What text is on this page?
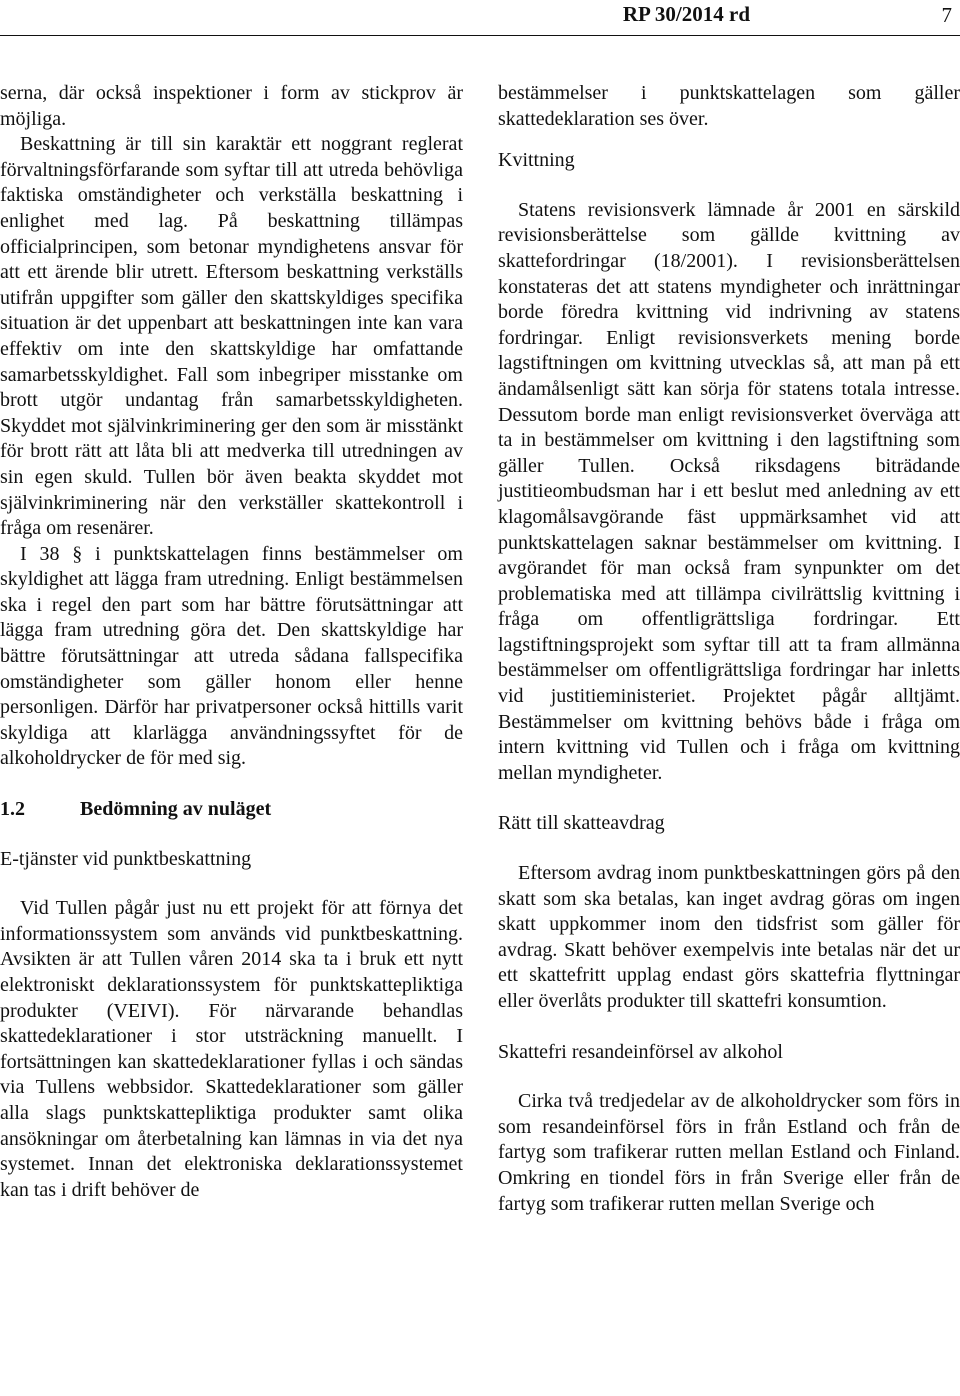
RP 30/2014 rd	7

serna, där också inspektioner i form av stickprov är möjliga.

Beskattning är till sin karaktär ett noggrant reglerat förvaltningsförfarande som syftar till att utreda behövliga faktiska omständigheter och verkställa beskattning i enlighet med lag. På beskattning tillämpas officialprincipen, som betonar myndighetens ansvar för att ett ärende blir utrett. Eftersom beskattning verkställs utifrån uppgifter som gäller den skattskyldiges specifika situation är det uppenbart att beskattningen inte kan vara effektiv om inte den skattskyldige har omfattande samarbetsskyldighet. Fall som inbegriper misstanke om brott utgör undantag från samarbetsskyldigheten. Skyddet mot självinkriminering ger den som är misstänkt för brott rätt att låta bli att medverka till utredningen av sin egen skuld. Tullen bör även beakta skyddet mot självinkriminering när den verkställer skattekontroll i fråga om resenärer.

I 38 § i punktskattelagen finns bestämmelser om skyldighet att lägga fram utredning. Enligt bestämmelsen ska i regel den part som har bättre förutsättningar att lägga fram utredning göra det. Den skattskyldige har bättre förutsättningar att utreda sådana fallspecifika omständigheter som gäller honom eller henne personligen. Därför har privatpersoner också hittills varit skyldiga att klarlägga användningssyftet för de alkoholdrycker de för med sig.

1.2	Bedömning av nuläget
E-tjänster vid punktbeskattning

Vid Tullen pågår just nu ett projekt för att förnya det informationssystem som används vid punktbeskattning. Avsikten är att Tullen våren 2014 ska ta i bruk ett nytt elektroniskt deklarationssystem för punktskattepliktiga produkter (VEIVI). För närvarande behandlas skattedeklarationer i stor utsträckning manuellt. I fortsättningen kan skattedeklarationer fyllas i och sändas via Tullens webbsidor. Skattedeklarationer som gäller alla slags punktskattepliktiga produkter samt olika ansökningar om återbetalning kan lämnas in via det nya systemet. Innan det elektroniska deklarationssystemet kan tas i drift behöver de

bestämmelser i punktskattelagen som gäller skattedeklaration ses över.

Kvittning

Statens revisionsverk lämnade år 2001 en särskild revisionsberättelse som gällde kvittning av skattefordringar (18/2001). I revisionsberättelsen konstateras det att statens myndigheter och inrättningar borde föredra kvittning vid indrivning av statens fordringar. Enligt revisionsverkets mening borde lagstiftningen om kvittning utvecklas så, att man på ett ändamålsenligt sätt kan sörja för statens totala intresse. Dessutom borde man enligt revisionsverket överväga att ta in bestämmelser om kvittning i den lagstiftning som gäller Tullen. Också riksdagens biträdande justitieombudsman har i ett beslut med anledning av ett klagomålsavgörande fäst uppmärksamhet vid att punktskattelagen saknar bestämmelser om kvittning. I avgörandet för man också fram synpunkter om det problematiska med att tillämpa civilrättslig kvittning i fråga om offentligrättsliga fordringar. Ett lagstiftningsprojekt som syftar till att ta fram allmänna bestämmelser om offentligrättsliga fordringar har inletts vid justitieministeriet. Projektet pågår alltjämt. Bestämmelser om kvittning behövs både i fråga om intern kvittning vid Tullen och i fråga om kvittning mellan myndigheter.

Rätt till skatteavdrag

Eftersom avdrag inom punktbeskattningen görs på den skatt som ska betalas, kan inget avdrag göras om ingen skatt uppkommer inom den tidsfrist som gäller för avdrag. Skatt behöver exempelvis inte betalas när det ur ett skattefritt upplag endast görs skattefria flyttningar eller överlåts produkter till skattefri konsumtion.

Skattefri resandeinförsel av alkohol

Cirka två tredjedelar av de alkoholdrycker som förs in som resandeinförsel förs in från Estland och från de fartyg som trafikerar rutten mellan Estland och Finland. Omkring en tiondel förs in från Sverige eller från de fartyg som trafikerar rutten mellan Sverige och
